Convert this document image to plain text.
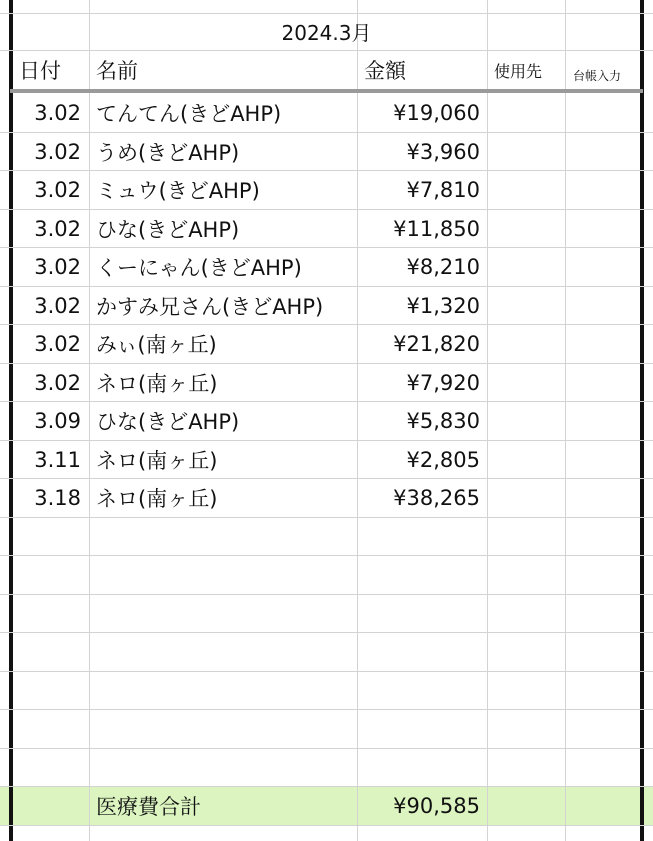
2024.3月
日付	名前	金額	使用先	台帳入力
3.02 てんてん(きどAHP)	¥19,060
3.02 うめ(きどAHP)	¥3,960
3.02 ミュウ(きどAHP)	¥7,810
3.02 ひな(きどAHP)	¥11,850
3.02 くーにゃん(きどAHP)	¥8,210
3.02 かすみ兄さん(きどAHP)	¥1,320
3.02 みぃ(南ヶ丘)	¥21,820
3.02 ネロ(南ヶ丘)	¥7,920
3.09 ひな(きどAHP)	¥5,830
3.11 ネロ(南ヶ丘)	¥2,805
3.18 ネロ(南ヶ丘)	¥38,265
医療費合計	¥90,585
